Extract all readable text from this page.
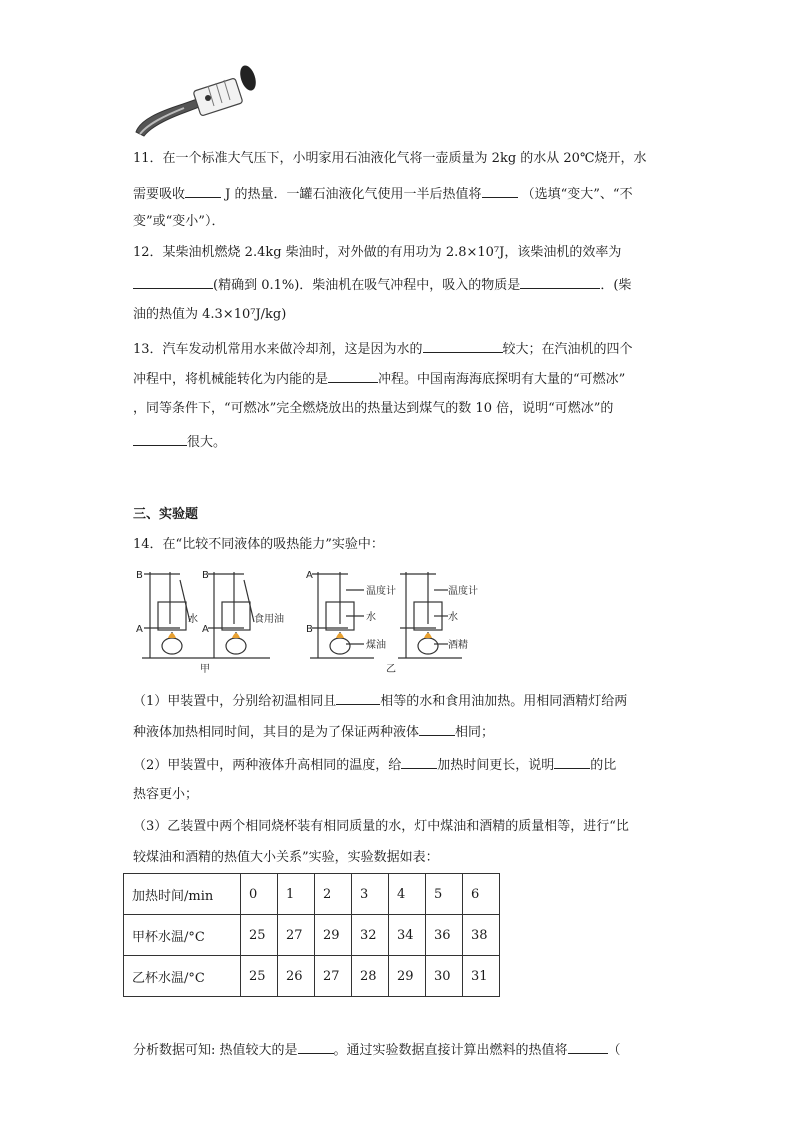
11．在一个标准大气压下，小明家用石油液化气将一壶质量为 2kg 的水从 20℃烧开，水
需要吸收	J 的热量．一罐石油液化气使用一半后热值将	（选填“变大”、“不
变”或“变小”）．
12．某柴油机燃烧 2.4kg 柴油时，对外做的有用功为 2.8×10⁷J，该柴油机的效率为
(精确到 0.1%)．柴油机在吸气冲程中，吸入的物质是	．(柴
油的热值为 4.3×10⁷J/kg)
13．汽车发动机常用水来做冷却剂，这是因为水的	较大；在汽油机的四个
冲程中，将机械能转化为内能的是	冲程。中国南海海底探明有大量的“可燃冰”
，同等条件下，“可燃冰”完全燃烧放出的热量达到煤气的数 10 倍，说明“可燃冰”的
很大。
三、实验题
14．在“比较不同液体的吸热能力”实验中：
B
A
水
B
A
食用油
甲
A
B
温度计
水
煤油
温度计
水
酒精
乙
（1）甲装置中，分别给初温相同且	相等的水和食用油加热。用相同酒精灯给两
种液体加热相同时间，其目的是为了保证两种液体	相同；
（2）甲装置中，两种液体升高相同的温度，给	加热时间更长，说明	的比
热容更小；
（3）乙装置中两个相同烧杯装有相同质量的水，灯中煤油和酒精的质量相等，进行“比
较煤油和酒精的热值大小关系”实验，实验数据如表：
加热时间/min	0	1	2	3	4	5	6
甲杯水温/°C	25	27	29	32	34	36	38
乙杯水温/°C	25	26	27	28	29	30	31
分析数据可知: 热值较大的是	。通过实验数据直接计算出燃料的热值将	（
